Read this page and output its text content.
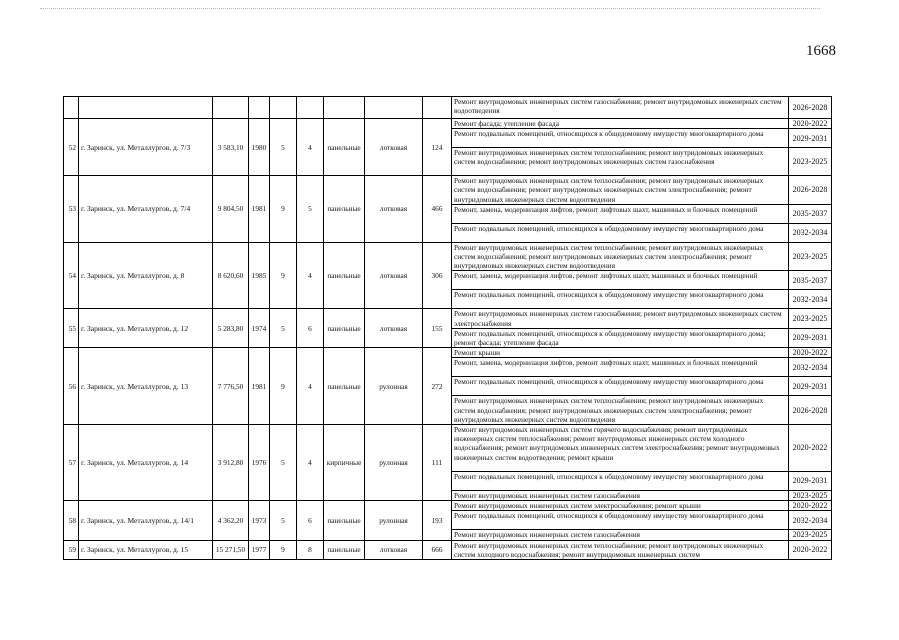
1668
									Ремонт внутридомовых инженерных систем газоснабжения; ремонт внутридомовых инженерных систем водоотведения	2026-2028
52	г. Заринск, ул. Металлургов, д. 7/3	3 583,10	1980	5	4	панельные	лотковая	124	Ремонт фасада; утепление фасада	2020-2022
									Ремонт подвальных помещений, относящихся к общедомовому имуществу многоквартирного дома	2029-2031
									Ремонт внутридомовых инженерных систем теплоснабжения; ремонт внутридомовых инженерных систем водоснабжения; ремонт внутридомовых инженерных систем газоснабжения	2023-2025
53	г. Заринск, ул. Металлургов, д. 7/4	9 804,50	1981	9	5	панельные	лотковая	466	Ремонт внутридомовых инженерных систем теплоснабжения; ремонт внутридомовых инженерных систем водоснабжения; ремонт внутридомовых инженерных систем электроснабжения; ремонт внутридомовых инженерных систем водоотведения	2026-2028
									Ремонт, замена, модернизация лифтов, ремонт лифтовых шахт, машинных и блочных помещений	2035-2037
									Ремонт подвальных помещений, относящихся к общедомовому имуществу многоквартирного дома	2032-2034
54	г. Заринск, ул. Металлургов, д. 8	8 620,60	1985	9	4	панельные	лотковая	306	Ремонт внутридомовых инженерных систем теплоснабжения; ремонт внутридомовых инженерных систем водоснабжения; ремонт внутридомовых инженерных систем электроснабжения; ремонт внутридомовых инженерных систем водоотведения	2023-2025
									Ремонт, замена, модернизация лифтов, ремонт лифтовых шахт, машинных и блочных помещений	2035-2037
									Ремонт подвальных помещений, относящихся к общедомовому имуществу многоквартирного дома	2032-2034
55	г. Заринск, ул. Металлургов, д. 12	5 283,80	1974	5	6	панельные	лотковая	155	Ремонт внутридомовых инженерных систем газоснабжения; ремонт внутридомовых инженерных систем электроснабжения	2023-2025
									Ремонт подвальных помещений, относящихся к общедомовому имуществу многоквартирного дома; ремонт фасада; утепление фасада	2029-2031
56	г. Заринск, ул. Металлургов, д. 13	7 776,50	1981	9	4	панельные	рулонная	272	Ремонт крыши	2020-2022
									Ремонт, замена, модернизация лифтов, ремонт лифтовых шахт, машинных и блочных помещений	2032-2034
									Ремонт подвальных помещений, относящихся к общедомовому имуществу многоквартирного дома	2029-2031
									Ремонт внутридомовых инженерных систем теплоснабжения; ремонт внутридомовых инженерных систем водоснабжения; ремонт внутридомовых инженерных систем электроснабжения; ремонт внутридомовых инженерных систем водоотведения	2026-2028
57	г. Заринск, ул. Металлургов, д. 14	3 912,80	1976	5	4	кирпичные	рулонная	111	Ремонт внутридомовых инженерных систем горячего водоснабжения; ремонт внутридомовых инженерных систем теплоснабжения; ремонт внутридомовых инженерных систем холодного водоснабжения; ремонт внутридомовых инженерных систем электроснабжения; ремонт внутридомовых инженерных систем водоотведения; ремонт крыши	2020-2022
									Ремонт подвальных помещений, относящихся к общедомовому имуществу многоквартирного дома	2029-2031
									Ремонт внутридомовых инженерных систем газоснабжения	2023-2025
58	г. Заринск, ул. Металлургов, д. 14/1	4 362,20	1973	5	6	панельные	рулонная	193	Ремонт внутридомовых инженерных систем электроснабжения; ремонт крыши	2020-2022
									Ремонт подвальных помещений, относящихся к общедомовому имуществу многоквартирного дома	2032-2034
									Ремонт внутридомовых инженерных систем газоснабжения	2023-2025
59	г. Заринск, ул. Металлургов, д. 15	15 271,50	1977	9	8	панельные	лотковая	666	Ремонт внутридомовых инженерных систем теплоснабжения; ремонт внутридомовых инженерных систем холодного водоснабжения; ремонт внутридомовых инженерных систем	2020-2022
